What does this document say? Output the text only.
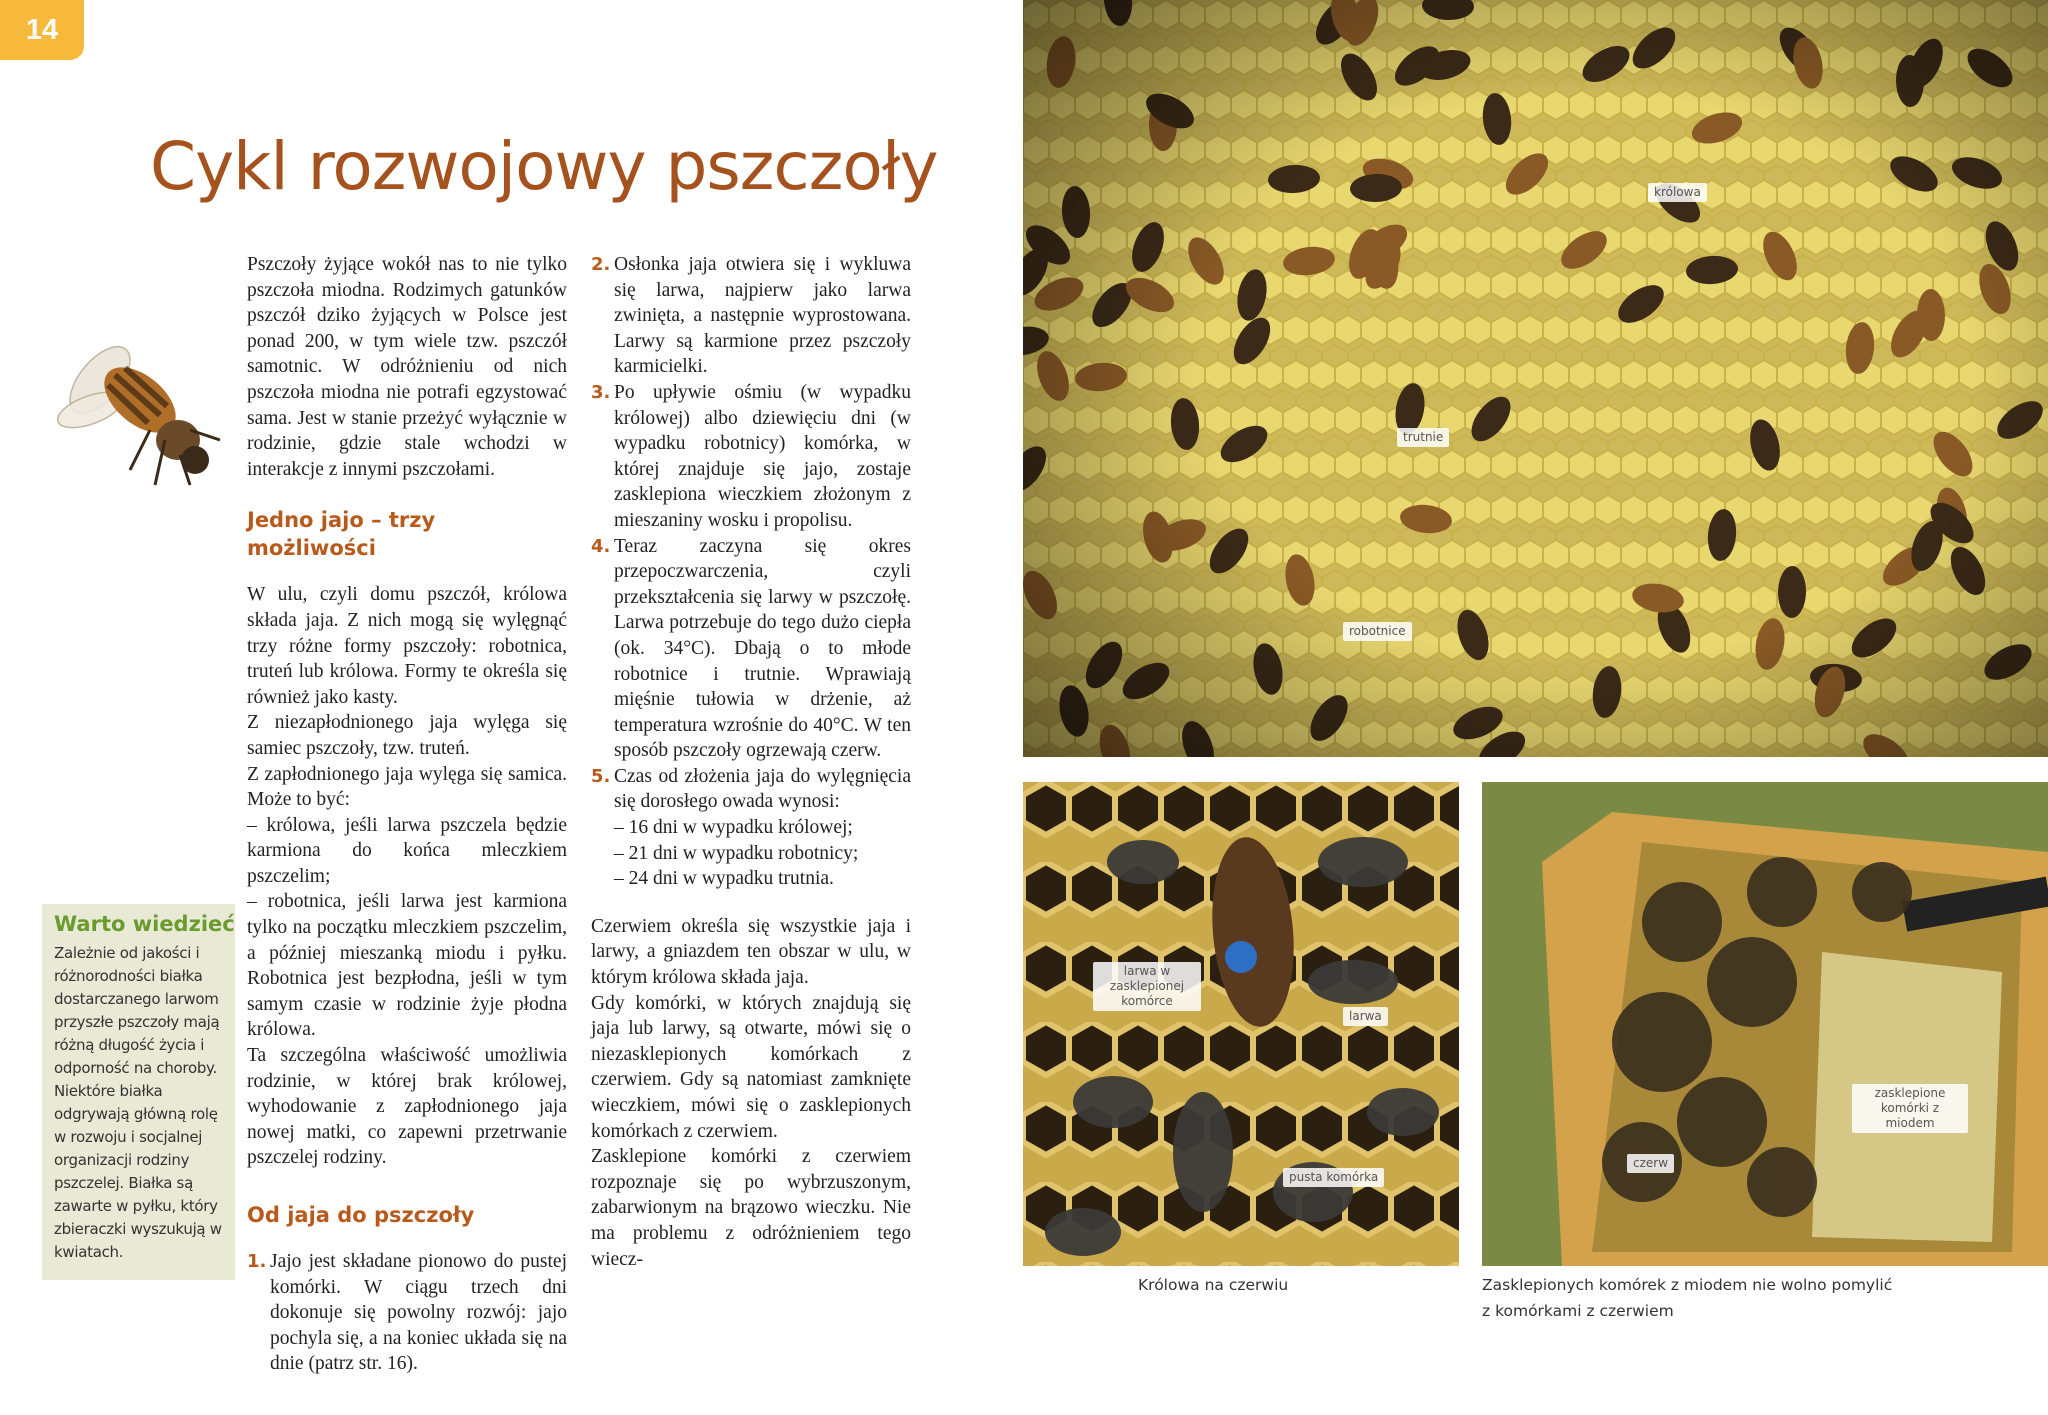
14
Cykl rozwojowy pszczoły

Pszczoły żyjące wokół nas to nie tylko pszczoła miodna. Rodzimych gatunków pszczół dziko żyjących w Polsce jest ponad 200, w tym wiele tzw. pszczół samotnic. W odróżnieniu od nich pszczoła miodna nie potrafi egzystować sama. Jest w stanie przeżyć wyłącznie w rodzinie, gdzie stale wchodzi w interakcje z innymi pszczołami.

Jedno jajo – trzy możliwości

W ulu, czyli domu pszczół, królowa składa jaja. Z nich mogą się wylęgnąć trzy różne formy pszczoły: robotnica, truteń lub królowa. Formy te określa się również jako kasty.

Z niezapłodnionego jaja wylęga się samiec pszczoły, tzw. truteń.

Z zapłodnionego jaja wylęga się samica. Może to być:

– królowa, jeśli larwa pszczela będzie karmiona do końca mleczkiem pszczelim;

– robotnica, jeśli larwa jest karmiona tylko na początku mleczkiem pszczelim, a później mieszanką miodu i pyłku. Robotnica jest bezpłodna, jeśli w tym samym czasie w rodzinie żyje płodna królowa.

Ta szczególna właściwość umożliwia rodzinie, w której brak królowej, wyhodowanie z zapłodnionego jaja nowej matki, co zapewni przetrwanie pszczelej rodziny.

Od jaja do pszczoły

1. Jajo jest składane pionowo do pustej komórki. W ciągu trzech dni dokonuje się powolny rozwój: jajo pochyla się, a na koniec układa się na dnie (patrz str. 16).

2. Osłonka jaja otwiera się i wykluwa się larwa, najpierw jako larwa zwinięta, a następnie wyprostowana. Larwy są karmione przez pszczoły karmicielki.

3. Po upływie ośmiu (w wypadku królowej) albo dziewięciu dni (w wypadku robotnicy) komórka, w której znajduje się jajo, zostaje zasklepiona wieczkiem złożonym z mieszaniny wosku i propolisu.

4. Teraz zaczyna się okres przepoczwarczenia, czyli przekształcenia się larwy w pszczołę. Larwa potrzebuje do tego dużo ciepła (ok. 34°C). Dbają o to młode robotnice i trutnie. Wprawiają mięśnie tułowia w drżenie, aż temperatura wzrośnie do 40°C. W ten sposób pszczoły ogrzewają czerw.

5. Czas od złożenia jaja do wylęgnięcia się dorosłego owada wynosi:

– 16 dni w wypadku królowej;

– 21 dni w wypadku robotnicy;

– 24 dni w wypadku trutnia.

Czerwiem określa się wszystkie jaja i larwy, a gniazdem ten obszar w ulu, w którym królowa składa jaja.

Gdy komórki, w których znajdują się jaja lub larwy, są otwarte, mówi się o niezasklepionych komórkach z czerwiem. Gdy są natomiast zamknięte wieczkiem, mówi się o zasklepionych komórkach z czerwiem.

Zasklepione komórki z czerwiem rozpoznaje się po wybrzuszonym, zabarwionym na brązowo wieczku. Nie ma problemu z odróżnieniem tego wiecz-

Warto wiedzieć

Zależnie od jakości i różnorodności białka dostarczanego larwom przyszłe pszczoły mają różną długość życia i odporność na choroby. Niektóre białka odgrywają główną rolę w rozwoju i socjalnej organizacji rodziny pszczelej. Białka są zawarte w pyłku, który zbieraczki wyszukują w kwiatach.

królowa
trutnie
robotnice
larwa w zasklepionej komórce
larwa
pusta komórka
Królowa na czerwiu
zasklepione komórki z miodem
czerw
Zasklepionych komórek z miodem nie wolno pomylić z komórkami z czerwiem
